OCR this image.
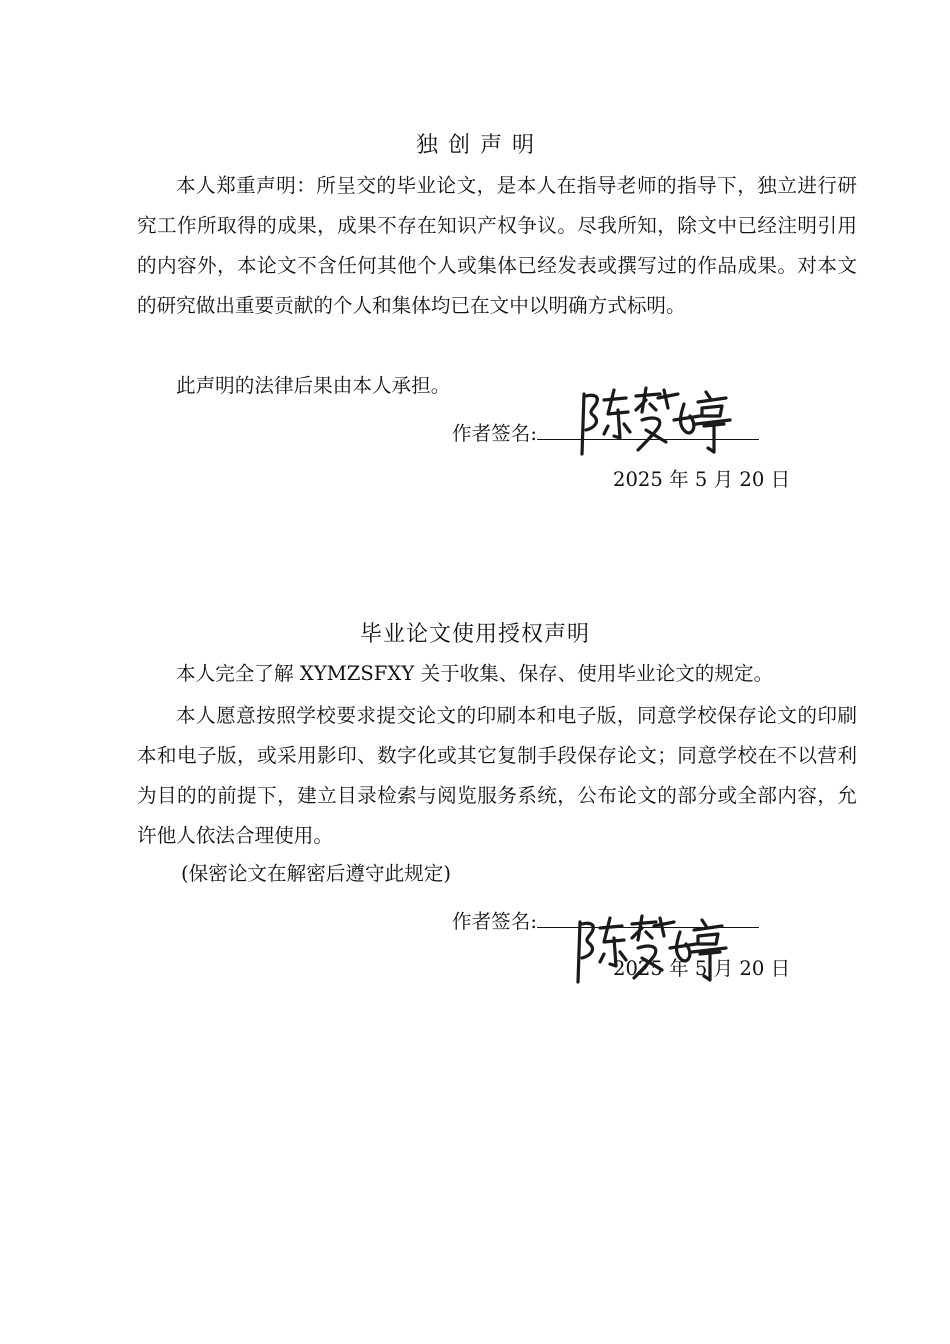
独创声明

本人郑重声明：所呈交的毕业论文，是本人在指导老师的指导下，独立进行研究工作所取得的成果，成果不存在知识产权争议。尽我所知，除文中已经注明引用的内容外，本论文不含任何其他个人或集体已经发表或撰写过的作品成果。对本文的研究做出重要贡献的个人和集体均已在文中以明确方式标明。

此声明的法律后果由本人承担。

作者签名:
2025 年 5 月 20 日
毕业论文使用授权声明

本人完全了解 XYMZSFXY 关于收集、保存、使用毕业论文的规定。

本人愿意按照学校要求提交论文的印刷本和电子版，同意学校保存论文的印刷本和电子版，或采用影印、数字化或其它复制手段保存论文；同意学校在不以营利为目的的前提下，建立目录检索与阅览服务系统，公布论文的部分或全部内容，允许他人依法合理使用。

(保密论文在解密后遵守此规定)

作者签名:
2025 年 5 月 20 日
